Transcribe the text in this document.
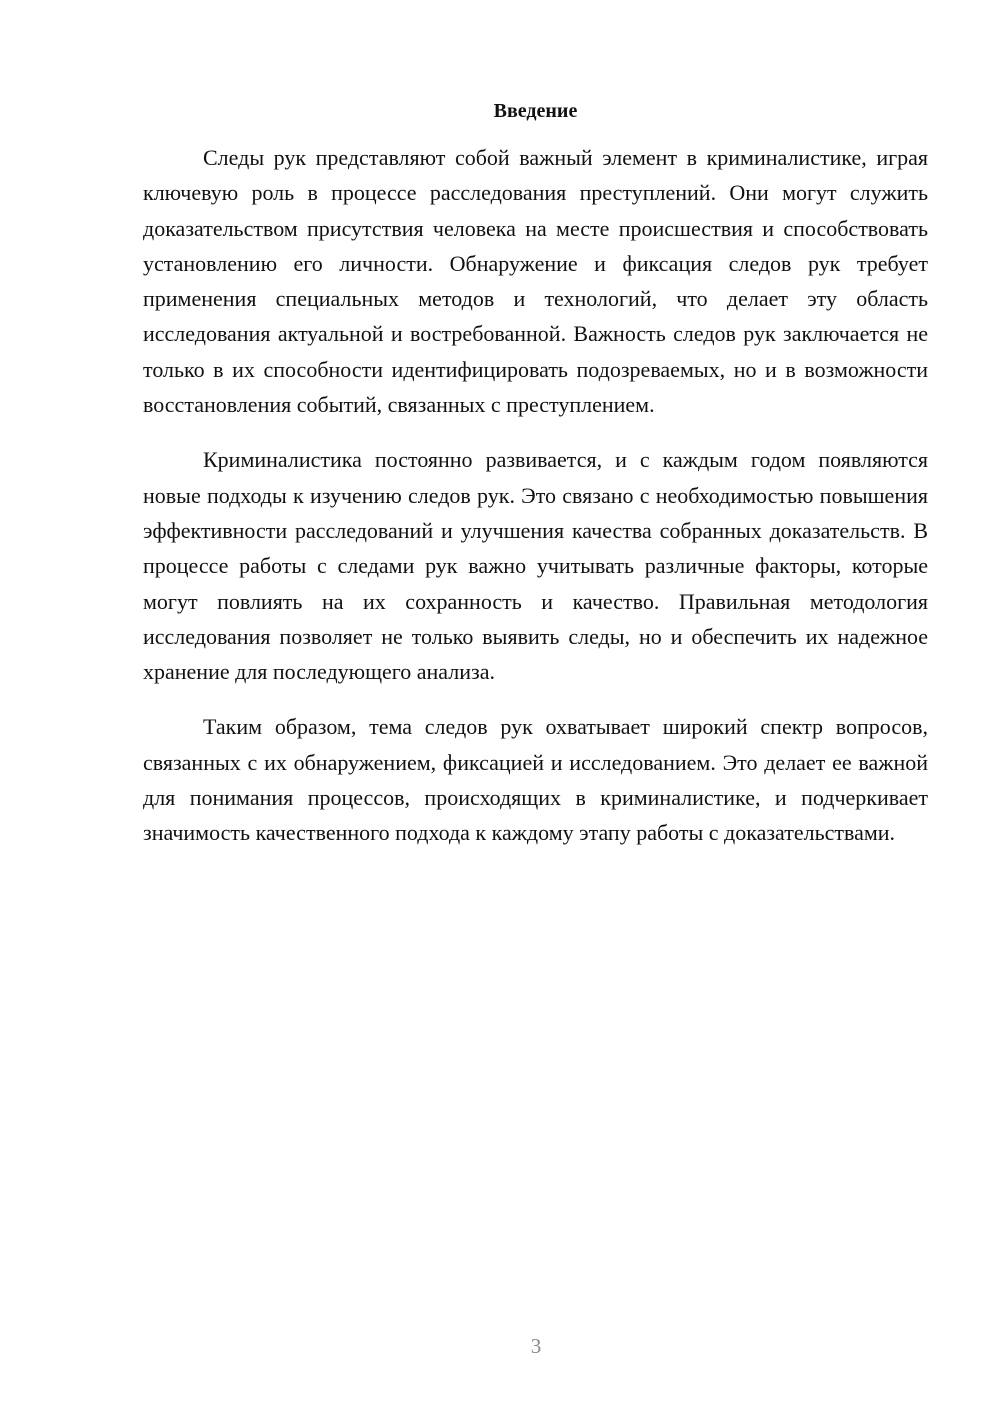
Введение

Следы рук представляют собой важный элемент в криминалистике, играя ключевую роль в процессе расследования преступлений. Они могут служить доказательством присутствия человека на месте происшествия и способствовать установлению его личности. Обнаружение и фиксация следов рук требует применения специальных методов и технологий, что делает эту область исследования актуальной и востребованной. Важность следов рук заключается не только в их способности идентифицировать подозреваемых, но и в возможности восстановления событий, связанных с преступлением.

Криминалистика постоянно развивается, и с каждым годом появляются новые подходы к изучению следов рук. Это связано с необходимостью повышения эффективности расследований и улучшения качества собранных доказательств. В процессе работы с следами рук важно учитывать различные факторы, которые могут повлиять на их сохранность и качество. Правильная методология исследования позволяет не только выявить следы, но и обеспечить их надежное хранение для последующего анализа.

Таким образом, тема следов рук охватывает широкий спектр вопросов, связанных с их обнаружением, фиксацией и исследованием. Это делает ее важной для понимания процессов, происходящих в криминалистике, и подчеркивает значимость качественного подхода к каждому этапу работы с доказательствами.

3
